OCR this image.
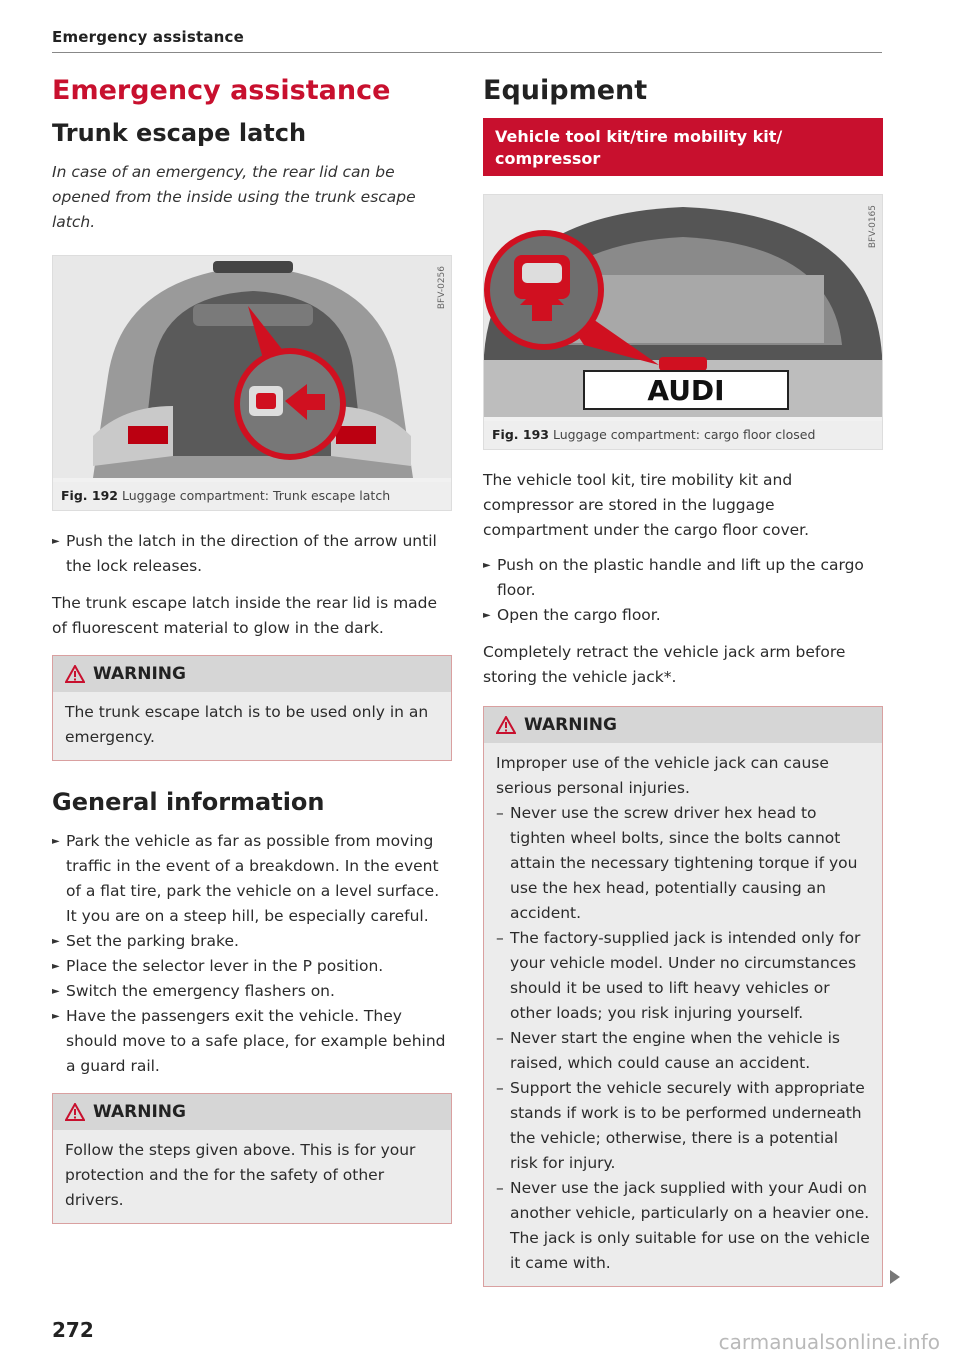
Emergency assistance
Emergency assistance
Trunk escape latch

In case of an emergency, the rear lid can be opened from the inside using the trunk escape latch.

BFV-0256
Fig. 192 Luggage compartment: Trunk escape latch
► Push the latch in the direction of the arrow until the lock releases.

The trunk escape latch inside the rear lid is made of fluorescent material to glow in the dark.

WARNING

The trunk escape latch is to be used only in an emergency.

General information
► Park the vehicle as far as possible from moving traffic in the event of a breakdown. In the event of a flat tire, park the vehicle on a level surface. It you are on a steep hill, be especially careful.
► Set the parking brake.
► Place the selector lever in the P position.
► Switch the emergency flashers on.
► Have the passengers exit the vehicle. They should move to a safe place, for example behind a guard rail.
WARNING

Follow the steps given above. This is for your protection and the for the safety of other drivers.

Equipment
Vehicle tool kit/tire mobility kit/ compressor
AUDI
BFV-0165
Fig. 193 Luggage compartment: cargo floor closed

The vehicle tool kit, tire mobility kit and compressor are stored in the luggage compartment under the cargo floor cover.

► Push on the plastic handle and lift up the cargo floor.
► Open the cargo floor.

Completely retract the vehicle jack arm before storing the vehicle jack*.

WARNING

Improper use of the vehicle jack can cause serious personal injuries.

– Never use the screw driver hex head to tighten wheel bolts, since the bolts cannot attain the necessary tightening torque if you use the hex head, potentially causing an accident.
– The factory-supplied jack is intended only for your vehicle model. Under no circumstances should it be used to lift heavy vehicles or other loads; you risk injuring yourself.
– Never start the engine when the vehicle is raised, which could cause an accident.
– Support the vehicle securely with appropriate stands if work is to be performed underneath the vehicle; otherwise, there is a potential risk for injury.
– Never use the jack supplied with your Audi on another vehicle, particularly on a heavier one. The jack is only suitable for use on the vehicle it came with.
272	carmanualsonline.info
